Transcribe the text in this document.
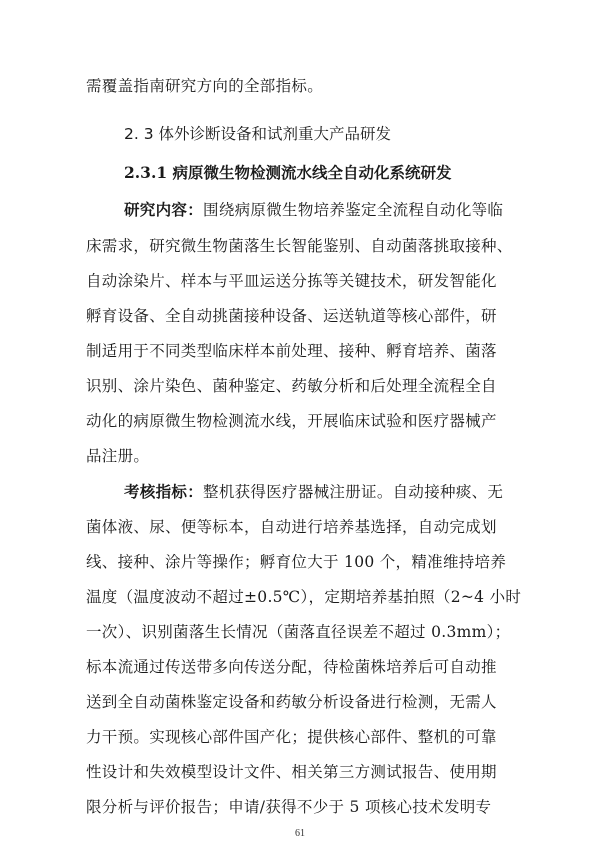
需覆盖指南研究方向的全部指标。
2. 3 体外诊断设备和试剂重大产品研发
2.3.1 病原微生物检测流水线全自动化系统研发
研究内容：围绕病原微生物培养鉴定全流程自动化等临
床需求，研究微生物菌落生长智能鉴别、自动菌落挑取接种、
自动涂染片、样本与平皿运送分拣等关键技术，研发智能化
孵育设备、全自动挑菌接种设备、运送轨道等核心部件，研
制适用于不同类型临床样本前处理、接种、孵育培养、菌落
识别、涂片染色、菌种鉴定、药敏分析和后处理全流程全自
动化的病原微生物检测流水线，开展临床试验和医疗器械产
品注册。
考核指标：整机获得医疗器械注册证。自动接种痰、无
菌体液、尿、便等标本，自动进行培养基选择，自动完成划
线、接种、涂片等操作；孵育位大于 100 个，精准维持培养
温度（温度波动不超过±0.5℃），定期培养基拍照（2~4 小时
一次）、识别菌落生长情况（菌落直径误差不超过 0.3mm）；
标本流通过传送带多向传送分配，待检菌株培养后可自动推
送到全自动菌株鉴定设备和药敏分析设备进行检测，无需人
力干预。实现核心部件国产化；提供核心部件、整机的可靠
性设计和失效模型设计文件、相关第三方测试报告、使用期
限分析与评价报告；申请/获得不少于 5 项核心技术发明专
61
